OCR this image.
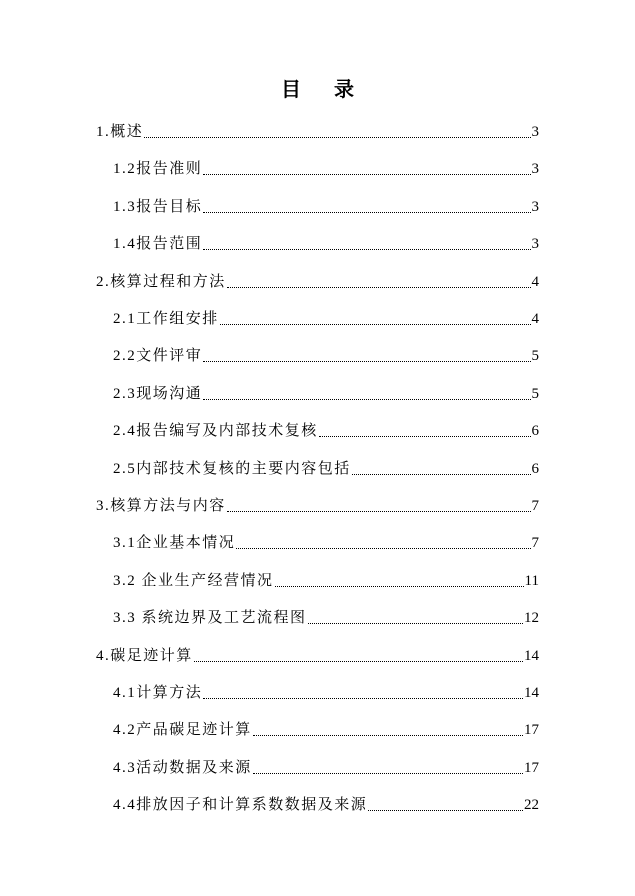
目 录
1.概述	3
1.2报告准则	3
1.3报告目标	3
1.4报告范围	3
2.核算过程和方法	4
2.1工作组安排	4
2.2文件评审	5
2.3现场沟通	5
2.4报告编写及内部技术复核	6
2.5内部技术复核的主要内容包括	6
3.核算方法与内容	7
3.1企业基本情况	7
3.2 企业生产经营情况	11
3.3 系统边界及工艺流程图	12
4.碳足迹计算	14
4.1计算方法	14
4.2产品碳足迹计算	17
4.3活动数据及来源	17
4.4排放因子和计算系数数据及来源	22
